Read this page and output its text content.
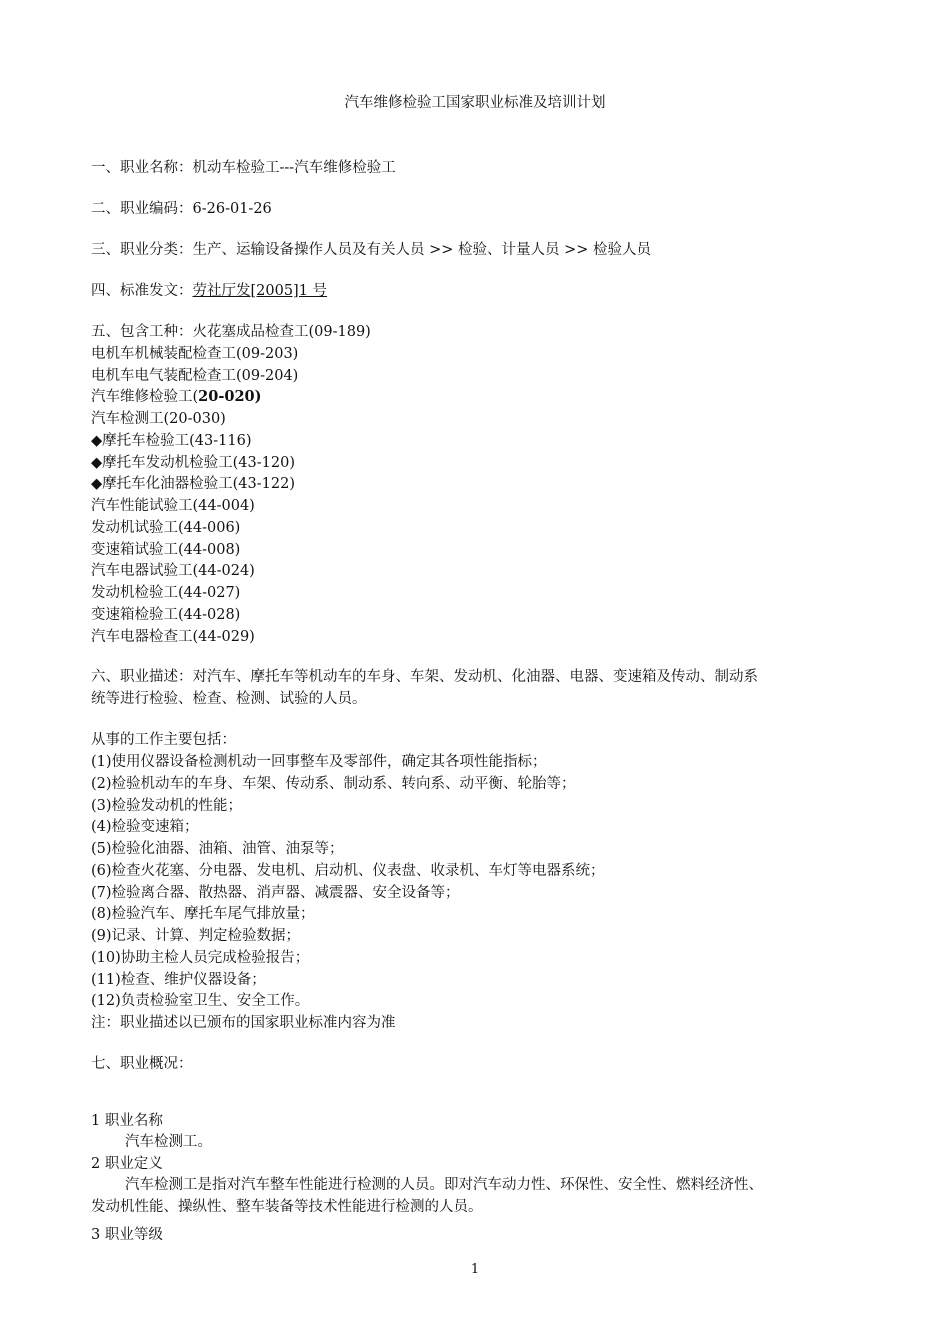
汽车维修检验工国家职业标准及培训计划
一、职业名称：机动车检验工---汽车维修检验工
二、职业编码：6-26-01-26
三、职业分类：生产、运输设备操作人员及有关人员 >> 检验、计量人员 >> 检验人员
四、标准发文：劳社厅发[2005]1 号
五、包含工种：火花塞成品检查工(09-189)
电机车机械装配检查工(09-203)
电机车电气装配检查工(09-204)
汽车维修检验工(20-020)
汽车检测工(20-030)
◆摩托车检验工(43-116)
◆摩托车发动机检验工(43-120)
◆摩托车化油器检验工(43-122)
汽车性能试验工(44-004)
发动机试验工(44-006)
变速箱试验工(44-008)
汽车电器试验工(44-024)
发动机检验工(44-027)
变速箱检验工(44-028)
汽车电器检查工(44-029)
六、职业描述：对汽车、摩托车等机动车的车身、车架、发动机、化油器、电器、变速箱及传动、制动系
统等进行检验、检查、检测、试验的人员。
从事的工作主要包括：
(1)使用仪器设备检测机动一回事整车及零部件，确定其各项性能指标；
(2)检验机动车的车身、车架、传动系、制动系、转向系、动平衡、轮胎等；
(3)检验发动机的性能；
(4)检验变速箱；
(5)检验化油器、油箱、油管、油泵等；
(6)检查火花塞、分电器、发电机、启动机、仪表盘、收录机、车灯等电器系统；
(7)检验离合器、散热器、消声器、减震器、安全设备等；
(8)检验汽车、摩托车尾气排放量；
(9)记录、计算、判定检验数据；
(10)协助主检人员完成检验报告；
(11)检查、维护仪器设备；
(12)负责检验室卫生、安全工作。
注：职业描述以已颁布的国家职业标准内容为准
七、职业概况：
1 职业名称
汽车检测工。
2 职业定义
汽车检测工是指对汽车整车性能进行检测的人员。即对汽车动力性、环保性、安全性、燃料经济性、
发动机性能、操纵性、整车装备等技术性能进行检测的人员。
3 职业等级
1
